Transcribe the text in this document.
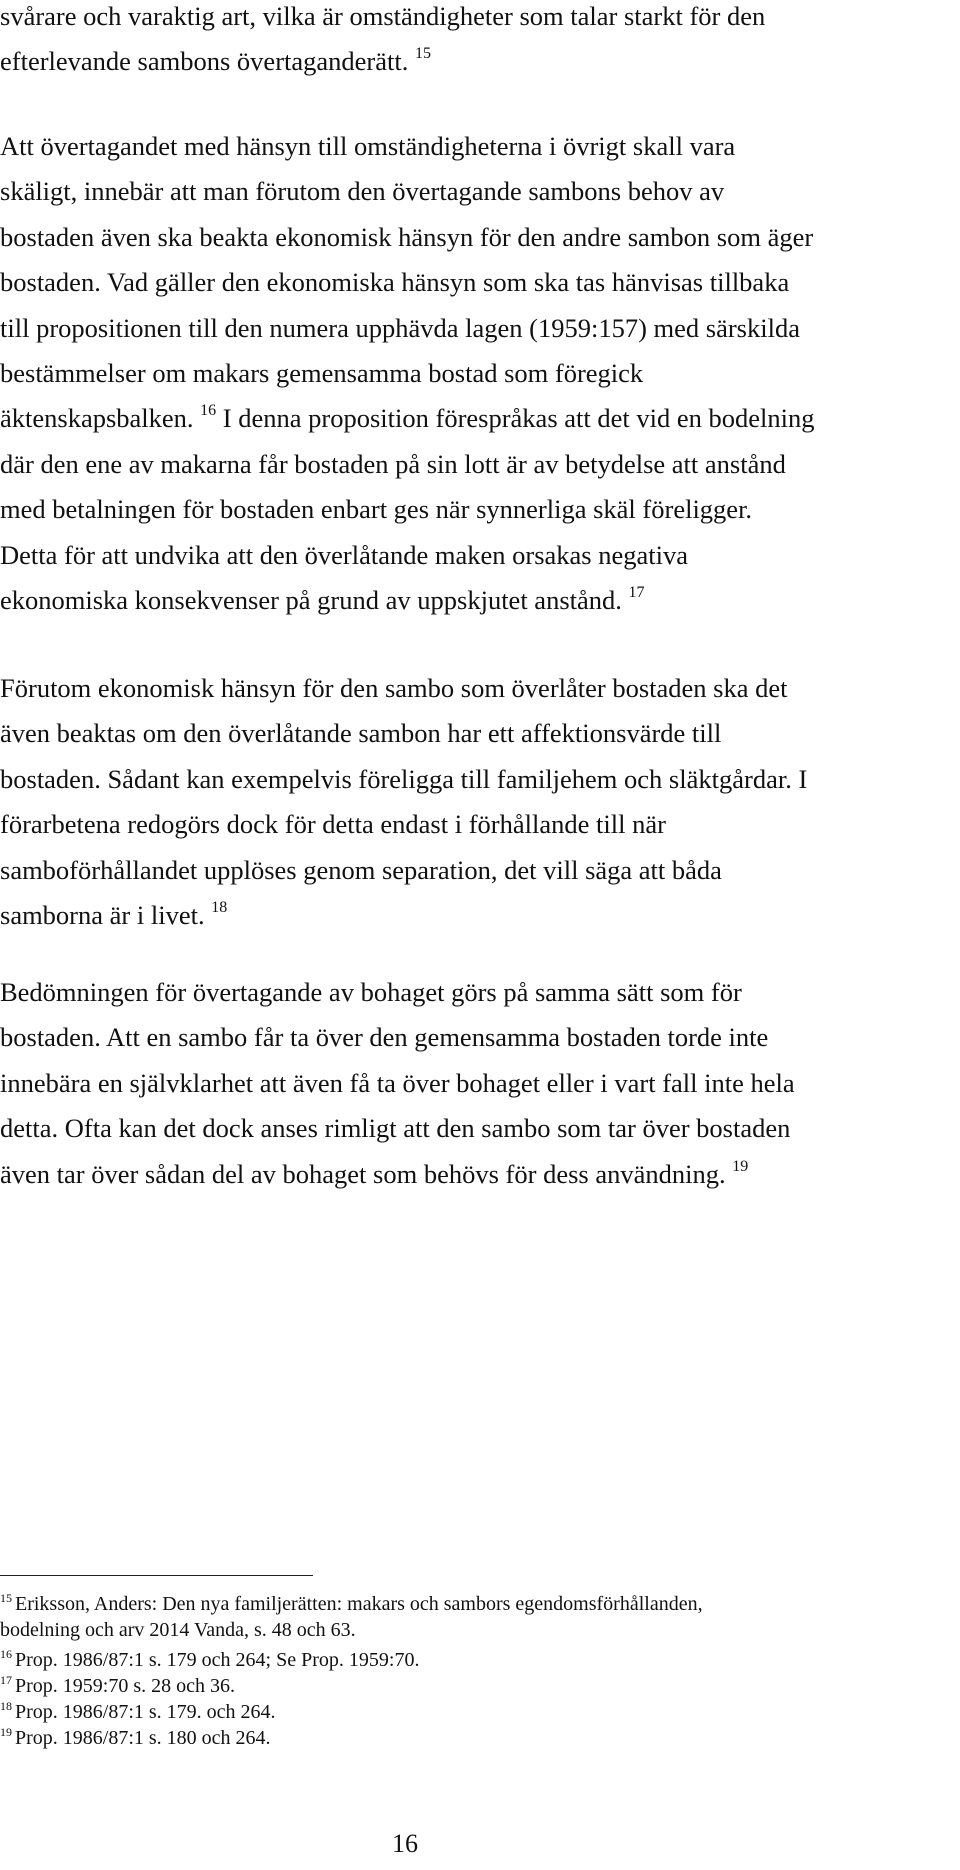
svårare och varaktig art, vilka är omständigheter som talar starkt för den
efterlevande sambons övertaganderätt. $^{15}$
Att övertagandet med hänsyn till omständigheterna i övrigt skall vara
skäligt, innebär att man förutom den övertagande sambons behov av
bostaden även ska beakta ekonomisk hänsyn för den andre sambon som äger
bostaden. Vad gäller den ekonomiska hänsyn som ska tas hänvisas tillbaka
till propositionen till den numera upphävda lagen (1959:157) med särskilda
bestämmelser om makars gemensamma bostad som föregick
äktenskapsbalken. $^{16}$ I denna proposition förespråkas att det vid en bodelning
där den ene av makarna får bostaden på sin lott är av betydelse att anstånd
med betalningen för bostaden enbart ges när synnerliga skäl föreligger.
Detta för att undvika att den överlåtande maken orsakas negativa
ekonomiska konsekvenser på grund av uppskjutet anstånd. $^{17}$
Förutom ekonomisk hänsyn för den sambo som överlåter bostaden ska det
även beaktas om den överlåtande sambon har ett affektionsvärde till
bostaden. Sådant kan exempelvis föreligga till familjehem och släktgårdar. I
förarbetena redogörs dock för detta endast i förhållande till när
samboförhållandet upplöses genom separation, det vill säga att båda
samborna är i livet. $^{18}$
Bedömningen för övertagande av bohaget görs på samma sätt som för
bostaden. Att en sambo får ta över den gemensamma bostaden torde inte
innebära en självklarhet att även få ta över bohaget eller i vart fall inte hela
detta. Ofta kan det dock anses rimligt att den sambo som tar över bostaden
även tar över sådan del av bohaget som behövs för dess användning. $^{19}$
$^{15}$ Eriksson, Anders: Den nya familjerätten: makars och sambors egendomsförhållanden,
bodelning och arv 2014 Vanda, s. 48 och 63.
$^{16}$ Prop. 1986/87:1 s. 179 och 264; Se Prop. 1959:70.
$^{17}$ Prop. 1959:70 s. 28 och 36.
$^{18}$ Prop. 1986/87:1 s. 179. och 264.
$^{19}$ Prop. 1986/87:1 s. 180 och 264.
16
